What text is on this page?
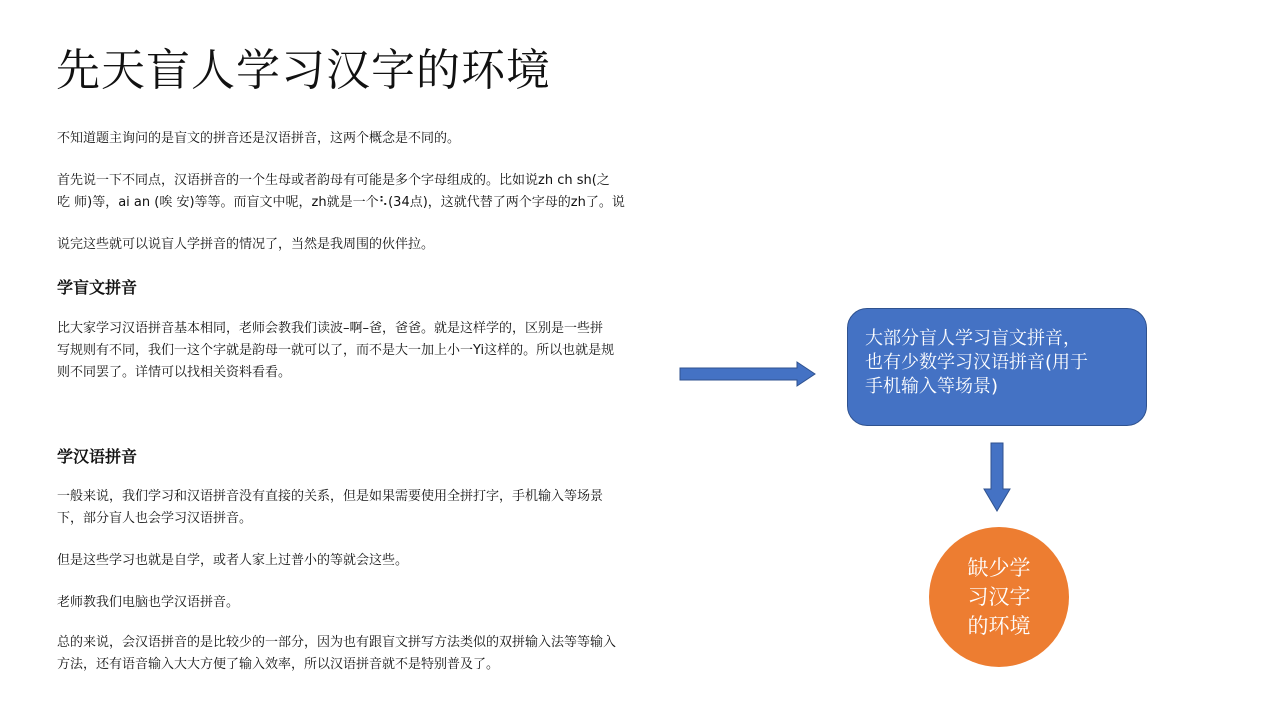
先天盲人学习汉字的环境

不知道题主询问的是盲文的拼音还是汉语拼音，这两个概念是不同的。

首先说一下不同点，汉语拼音的一个生母或者韵母有可能是多个字母组成的。比如说zh ch sh(之
吃 师)等，ai an (唉 安)等等。而盲文中呢，zh就是一个⠣(34点)，这就代替了两个字母的zh了。说

说完这些就可以说盲人学拼音的情况了，当然是我周围的伙伴拉。

学盲文拼音
比大家学习汉语拼音基本相同，老师会教我们读波–啊–爸，爸爸。就是这样学的，区别是一些拼
写规则有不同，我们一这个字就是韵母一就可以了，而不是大一加上小一Yi这样的。所以也就是规
则不同罢了。详情可以找相关资料看看。
学汉语拼音
一般来说，我们学习和汉语拼音没有直接的关系，但是如果需要使用全拼打字，手机输入等场景
下，部分盲人也会学习汉语拼音。

但是这些学习也就是自学，或者人家上过普小的等就会这些。

老师教我们电脑也学汉语拼音。

总的来说，会汉语拼音的是比较少的一部分，因为也有跟盲文拼写方法类似的双拼输入法等等输入
方法，还有语音输入大大方便了输入效率，所以汉语拼音就不是特别普及了。
大部分盲人学习盲文拼音，
也有少数学习汉语拼音(用于
手机输入等场景)
缺少学
习汉字
的环境
